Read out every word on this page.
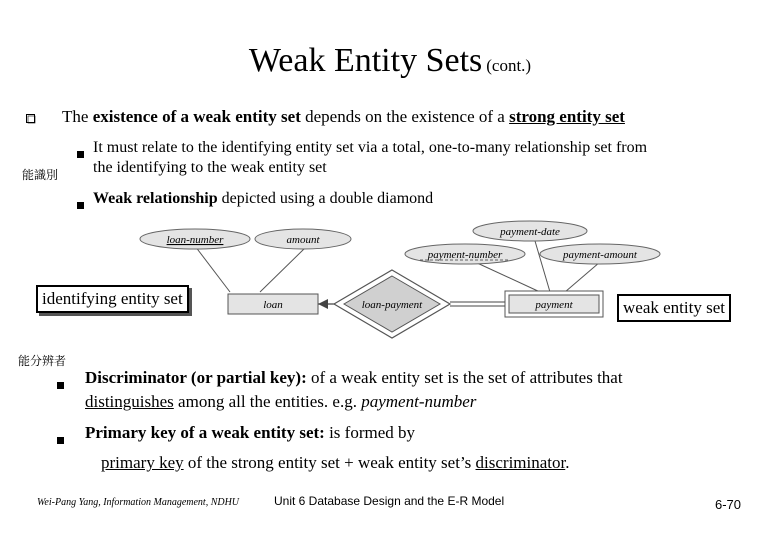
Weak Entity Sets (cont.)
The existence of a weak entity set depends on the existence of a strong entity set
It must relate to the identifying entity set via a total, one-to-many relationship set from
the identifying to the weak entity set
能識別
Weak relationship depicted using a double diamond
loan-number	amount
payment-date
payment-number	payment-amount
loan	loan-payment	payment
identifying entity set	weak entity set
能分辨者
Discriminator (or partial key): of a weak entity set is the set of attributes that
distinguishes among all the entities. e.g. payment-number
Primary key of a weak entity set: is formed by
primary key of the strong entity set + weak entity set’s discriminator.
Wei-Pang Yang, Information Management, NDHU	Unit 6 Database Design and the E-R Model	6-70
